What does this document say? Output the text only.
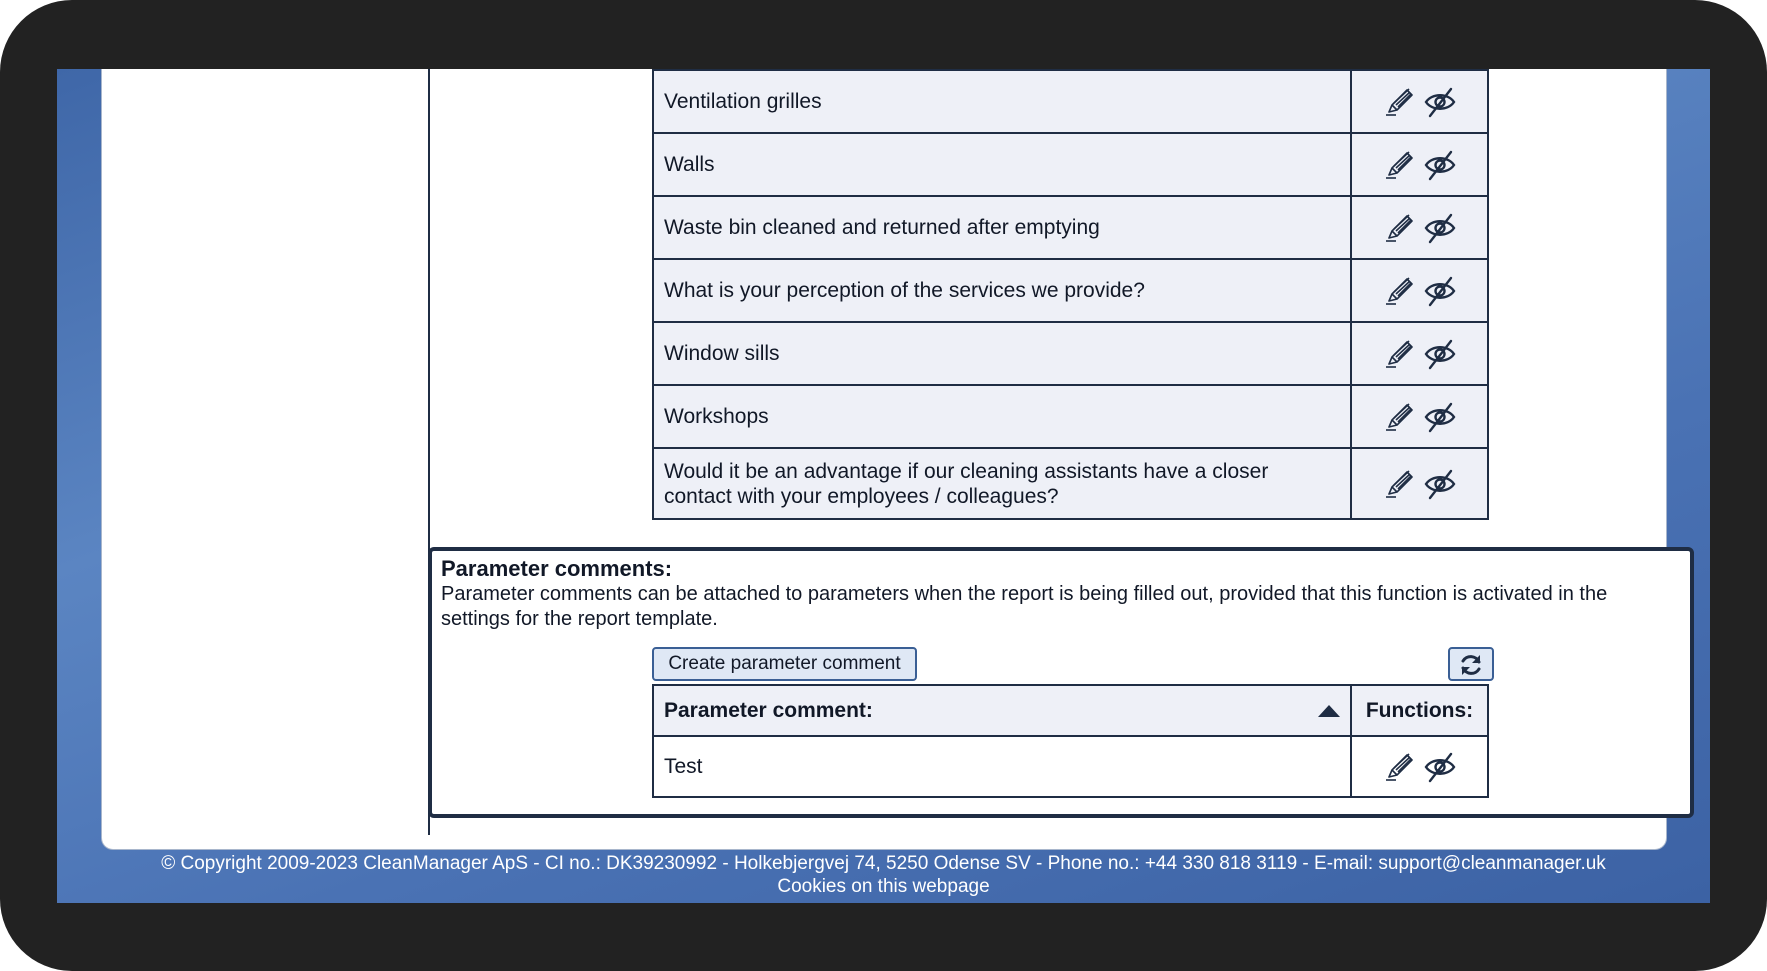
Ventilation grilles	

Walls	

Waste bin cleaned and returned after emptying	

What is your perception of the services we provide?	

Window sills	

Workshops	

Would it be an advantage if our cleaning assistants have a closer contact with your employees / colleagues?	
Parameter comments:
Parameter comments can be attached to parameters when the report is being filled out, provided that this function is activated in the settings for the report template.
Create parameter comment
Parameter comment:	Functions:
Test	
© Copyright 2009-2023 CleanManager ApS - CI no.: DK39230992 - Holkebjergvej 74, 5250 Odense SV - Phone no.: +44 330 818 3119 - E-mail: support@cleanmanager.uk
Cookies on this webpage
